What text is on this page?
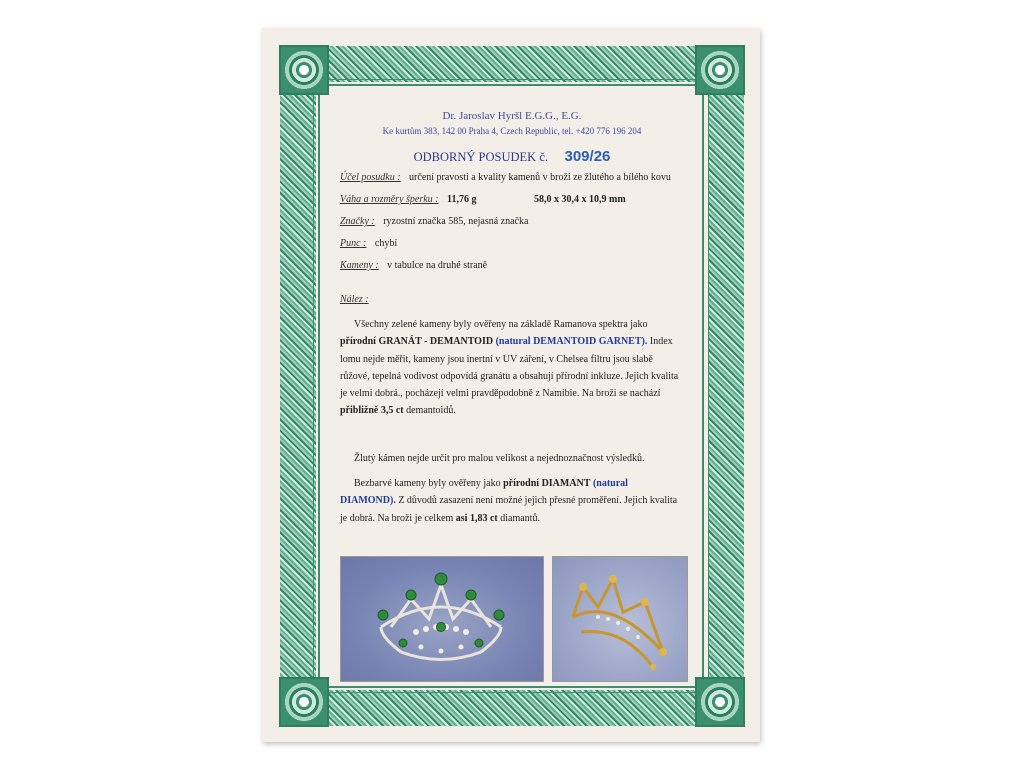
Dr. Jaroslav Hyršl E.G.G., E.G.
Ke kurtům 383, 142 00 Praha 4, Czech Republic, tel. +420 776 196 204
ODBORNÝ POSUDEK č. 309/26
Účel posudku : určení pravosti a kvality kamenů v broži ze žlutého a bílého kovu
Váha a rozměry šperku : 11,76 g	58,0 x 30,4 x 10,9 mm
Značky : ryzostní značka 585, nejasná značka
Punc : chybí
Kameny : v tabulce na druhé straně
Nález :
Všechny zelené kameny byly ověřeny na základě Ramanova spektra jako přírodní GRANÁT - DEMANTOID (natural DEMANTOID GARNET). Index lomu nejde měřit, kameny jsou inertní v UV záření, v Chelsea filtru jsou slabě růžové, tepelná vodivost odpovídá granátu a obsahují přírodní inkluze. Jejich kvalita je velmi dobrá., pocházejí velmi pravděpodobně z Namibie. Na broži se nachází přibližně 3,5 ct demantoidů.
Žlutý kámen nejde určit pro malou velikost a nejednoznačnost výsledků.
Bezbarvé kameny byly ověřeny jako přírodní DIAMANT (natural DIAMOND). Z důvodů zasazení není možné jejich přesné proměření. Jejich kvalita je dobrá. Na broži je celkem asi 1,83 ct diamantů.
